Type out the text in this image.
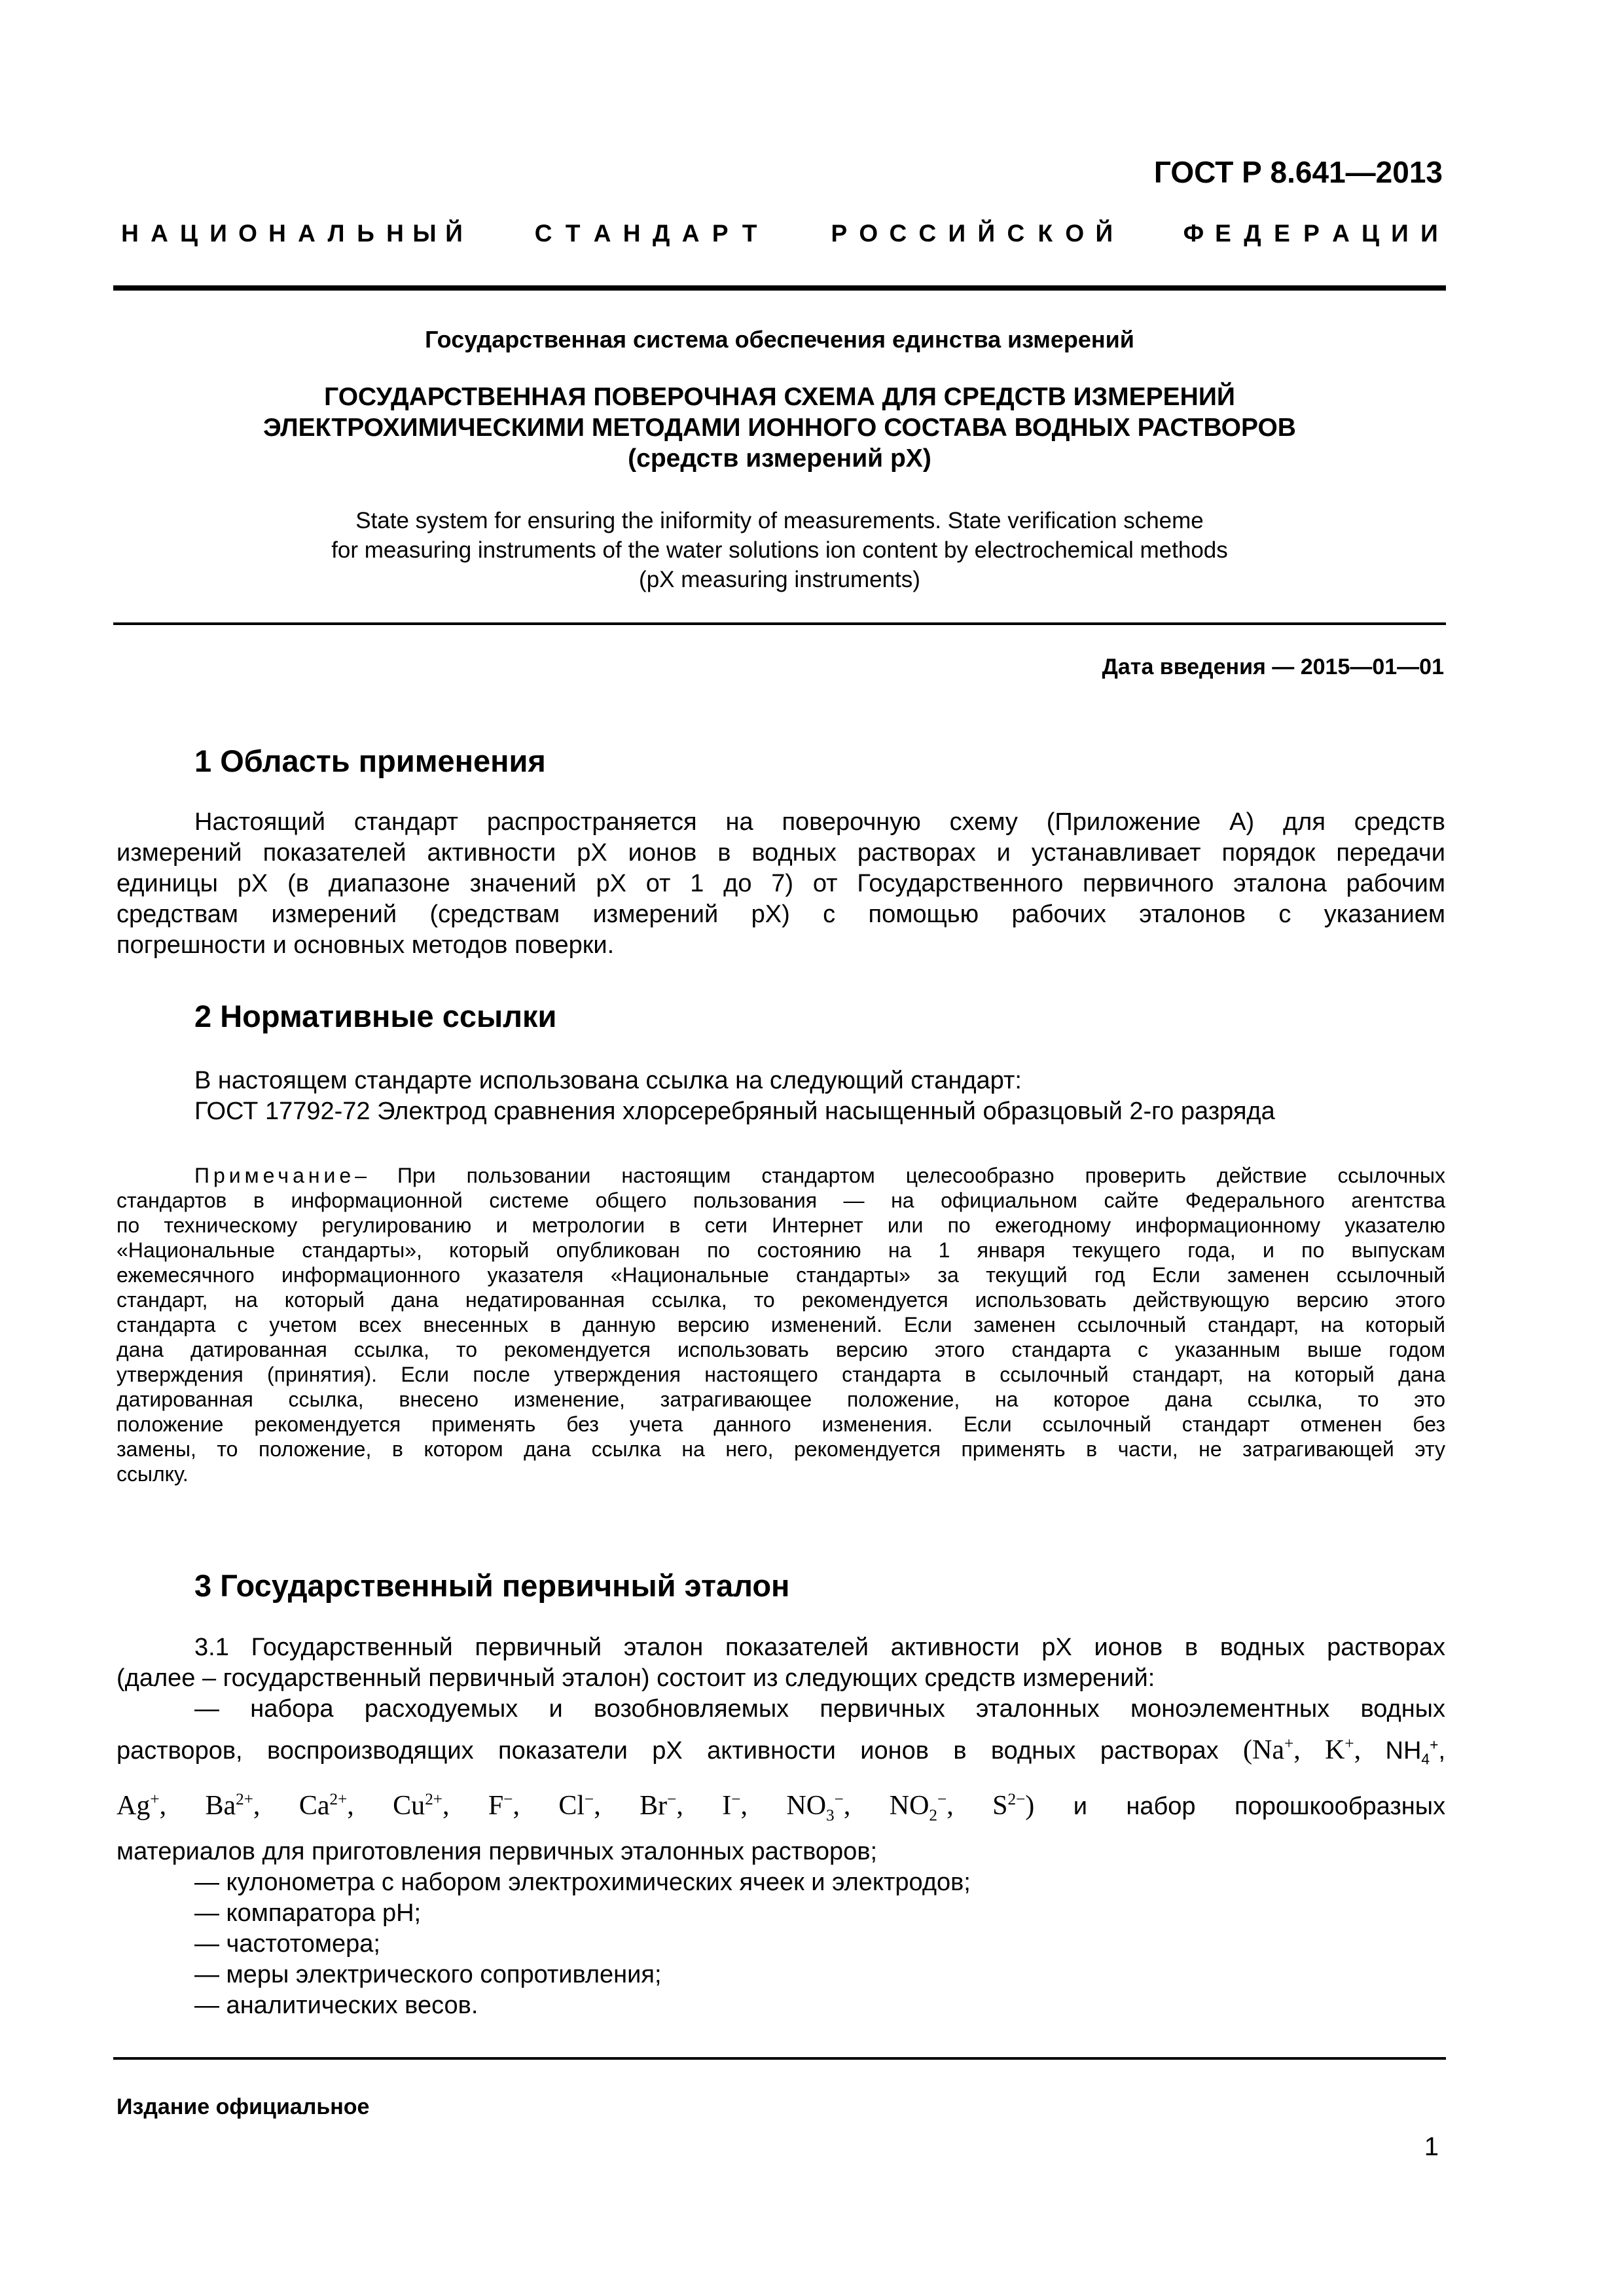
ГОСТ Р 8.641—2013
Н А Ц И О Н А Л Ь Н Ы Й	С Т А Н Д А Р Т	Р О С С И Й С К О Й	Ф Е Д Е Р А Ц И И
Государственная система обеспечения единства измерений
ГОСУДАРСТВЕННАЯ ПОВЕРОЧНАЯ СХЕМА ДЛЯ СРЕДСТВ ИЗМЕРЕНИЙ
ЭЛЕКТРОХИМИЧЕСКИМИ МЕТОДАМИ ИОННОГО СОСТАВА ВОДНЫХ РАСТВОРОВ
(средств измерений pX)
State system for ensuring the iniformity of measurements. State verification scheme
for measuring instruments of the water solutions ion content by electrochemical methods
(pX measuring instruments)
Дата введения — 2015—01—01
1 Область применения
Настоящий стандарт распространяется на поверочную схему (Приложение А) для средств
измерений показателей активности pX ионов в водных растворах и устанавливает порядок передачи
единицы pX (в диапазоне значений pX от 1 до 7) от Государственного первичного эталона рабочим
средствам измерений (средствам измерений pX) с помощью рабочих эталонов с указанием
погрешности и основных методов поверки.
2 Нормативные ссылки
В настоящем стандарте использована ссылка на следующий стандарт:
ГОСТ 17792-72 Электрод сравнения хлорсеребряный насыщенный образцовый 2-го разряда
Примечание– При пользовании настоящим стандартом целесообразно проверить действие ссылочных
стандартов в информационной системе общего пользования — на официальном сайте Федерального агентства
по техническому регулированию и метрологии в сети Интернет или по ежегодному информационному указателю
«Национальные стандарты», который опубликован по состоянию на 1 января текущего года, и по выпускам
ежемесячного информационного указателя «Национальные стандарты» за текущий год Если заменен ссылочный
стандарт, на который дана недатированная ссылка, то рекомендуется использовать действующую версию этого
стандарта с учетом всех внесенных в данную версию изменений. Если заменен ссылочный стандарт, на который
дана датированная ссылка, то рекомендуется использовать версию этого стандарта с указанным выше годом
утверждения (принятия). Если после утверждения настоящего стандарта в ссылочный стандарт, на который дана
датированная ссылка, внесено изменение, затрагивающее положение, на которое дана ссылка, то это
положение рекомендуется применять без учета данного изменения. Если ссылочный стандарт отменен без
замены, то положение, в котором дана ссылка на него, рекомендуется применять в части, не затрагивающей эту
ссылку.
3 Государственный первичный эталон
3.1 Государственный первичный эталон показателей активности pX ионов в водных растворах
(далее – государственный первичный эталон) состоит из следующих средств измерений:
— набора расходуемых и возобновляемых первичных эталонных моноэлементных водных
растворов, воспроизводящих показатели pX активности ионов в водных растворах (Na+, K+, $NH_4^+$,
Ag+, $Ba^{2+}$, $Ca^{2+}$, $Cu^{2+}$, F−, Cl−, Br−, I−, $NO_3^-$, $NO_2^-$, $S^{2-}$) и набор порошкообразных
материалов для приготовления первичных эталонных растворов;
— кулонометра с набором электрохимических ячеек и электродов;
— компаратора pH;
— частотомера;
— меры электрического сопротивления;
— аналитических весов.
Издание официальное
1
